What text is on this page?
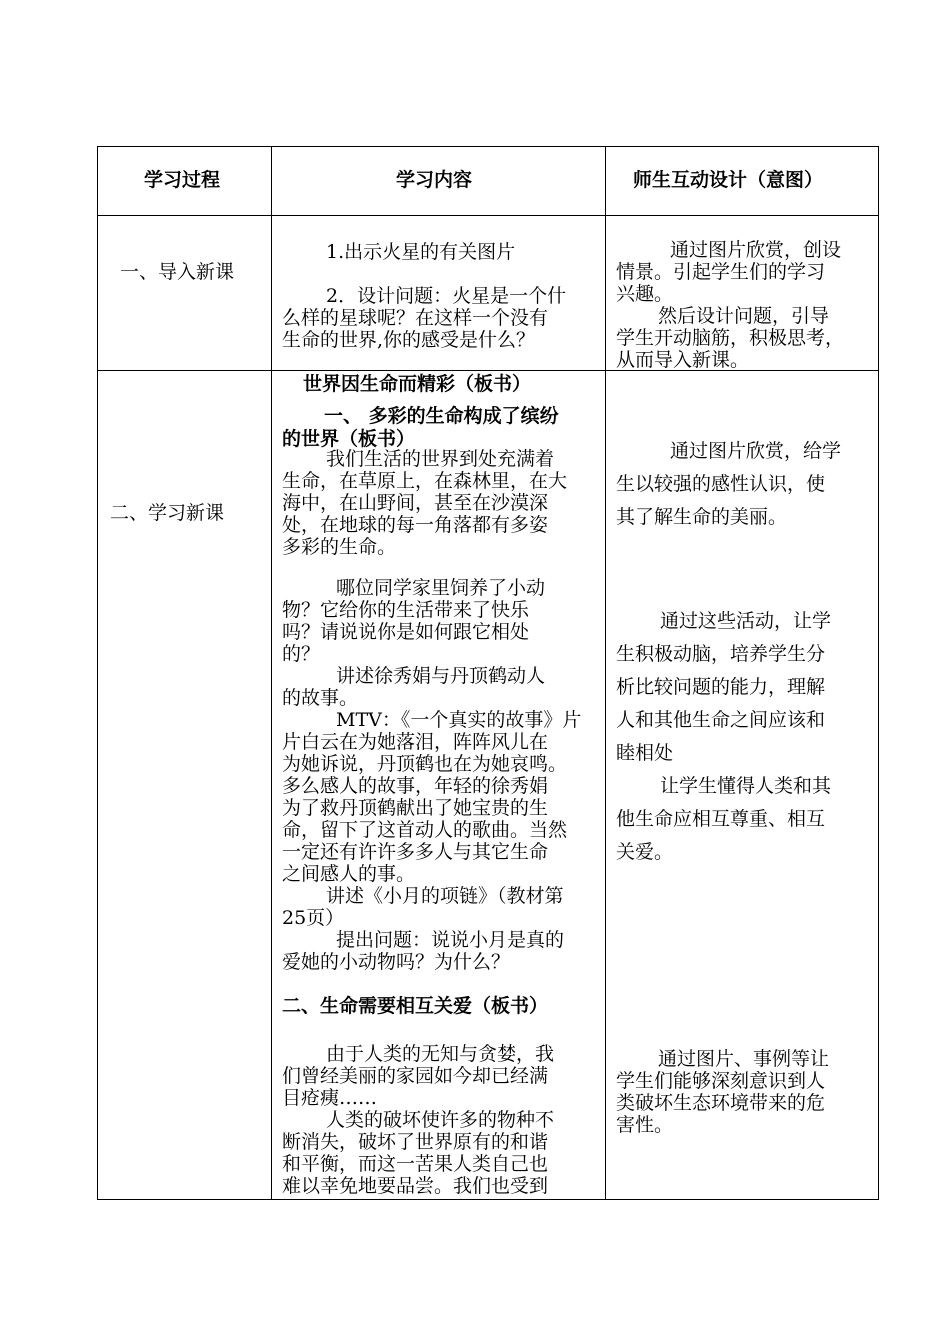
学习过程	学习内容	师生互动设计（意图）
一、导入新课
1.出示火星的有关图片
2．设计问题：火星是一个什
么样的星球呢？在这样一个没有
生命的世界,你的感受是什么？
通过图片欣赏，创设
情景。引起学生们的学习
兴趣。
然后设计问题，引导
学生开动脑筋，积极思考，
从而导入新课。
二、学习新课
世界因生命而精彩（板书）
一、 多彩的生命构成了缤纷
的世界（板书）
我们生活的世界到处充满着
生命，在草原上，在森林里，在大
海中，在山野间，甚至在沙漠深
处，在地球的每一角落都有多姿
多彩的生命。
哪位同学家里饲养了小动
物？它给你的生活带来了快乐
吗？请说说你是如何跟它相处
的？
讲述徐秀娟与丹顶鹤动人
的故事。
MTV：《一个真实的故事》片
片白云在为她落泪，阵阵风儿在
为她诉说，丹顶鹤也在为她哀鸣。
多么感人的故事，年轻的徐秀娟
为了救丹顶鹤献出了她宝贵的生
命，留下了这首动人的歌曲。当然
一定还有许许多多人与其它生命
之间感人的事。
讲述《小月的项链》（教材第
25页）
提出问题：说说小月是真的
爱她的小动物吗？为什么？
二、生命需要相互关爱（板书）
由于人类的无知与贪婪，我
们曾经美丽的家园如今却已经满
目疮痍……
人类的破坏使许多的物种不
断消失，破坏了世界原有的和谐
和平衡，而这一苦果人类自己也
难以幸免地要品尝。我们也受到
通过图片欣赏，给学
生以较强的感性认识，使
其了解生命的美丽。
通过这些活动，让学
生积极动脑，培养学生分
析比较问题的能力，理解
人和其他生命之间应该和
睦相处
让学生懂得人类和其
他生命应相互尊重、相互
关爱。
通过图片、事例等让
学生们能够深刻意识到人
类破坏生态环境带来的危
害性。
